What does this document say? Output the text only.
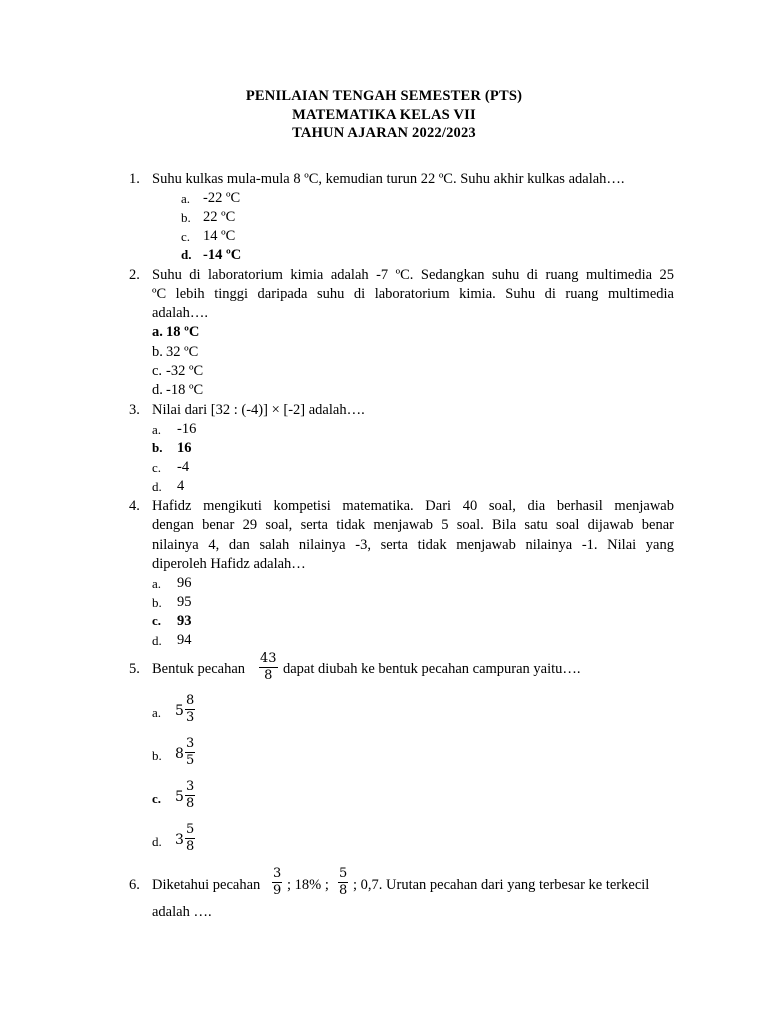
PENILAIAN TENGAH SEMESTER (PTS)
MATEMATIKA KELAS VII
TAHUN AJARAN 2022/2023
1. Suhu kulkas mula-mula 8 ºC, kemudian turun 22 ºC. Suhu akhir kulkas adalah….
a. -22 ºC
b. 22 ºC
c. 14 ºC
d. -14 ºC
2. Suhu di laboratorium kimia adalah -7 ºC. Sedangkan suhu di ruang multimedia 25
ºC lebih tinggi daripada suhu di laboratorium kimia. Suhu di ruang multimedia
adalah….
a. 18 ºC
b. 32 ºC
c. -32 ºC
d. -18 ºC
3. Nilai dari [32 : (-4)] × [-2] adalah….
a. -16
b. 16
c. -4
d. 4
4. Hafidz mengikuti kompetisi matematika. Dari 40 soal, dia berhasil menjawab
dengan benar 29 soal, serta tidak menjawab 5 soal. Bila satu soal dijawab benar
nilainya 4, dan salah nilainya -3, serta tidak menjawab nilainya -1. Nilai yang
diperoleh Hafidz adalah…
a. 96
b. 95
c. 93
d. 94
5. Bentuk pecahan
43
8 dapat diubah ke bentuk pecahan campuran yaitu….
a. 5
8
3
b. 8
3
5
c. 5
3
8
d. 3
5
8
6. Diketahui pecahan
3
9 ; 18% ;
5
8 ; 0,7. Urutan pecahan dari yang terbesar ke terkecil
adalah ….
